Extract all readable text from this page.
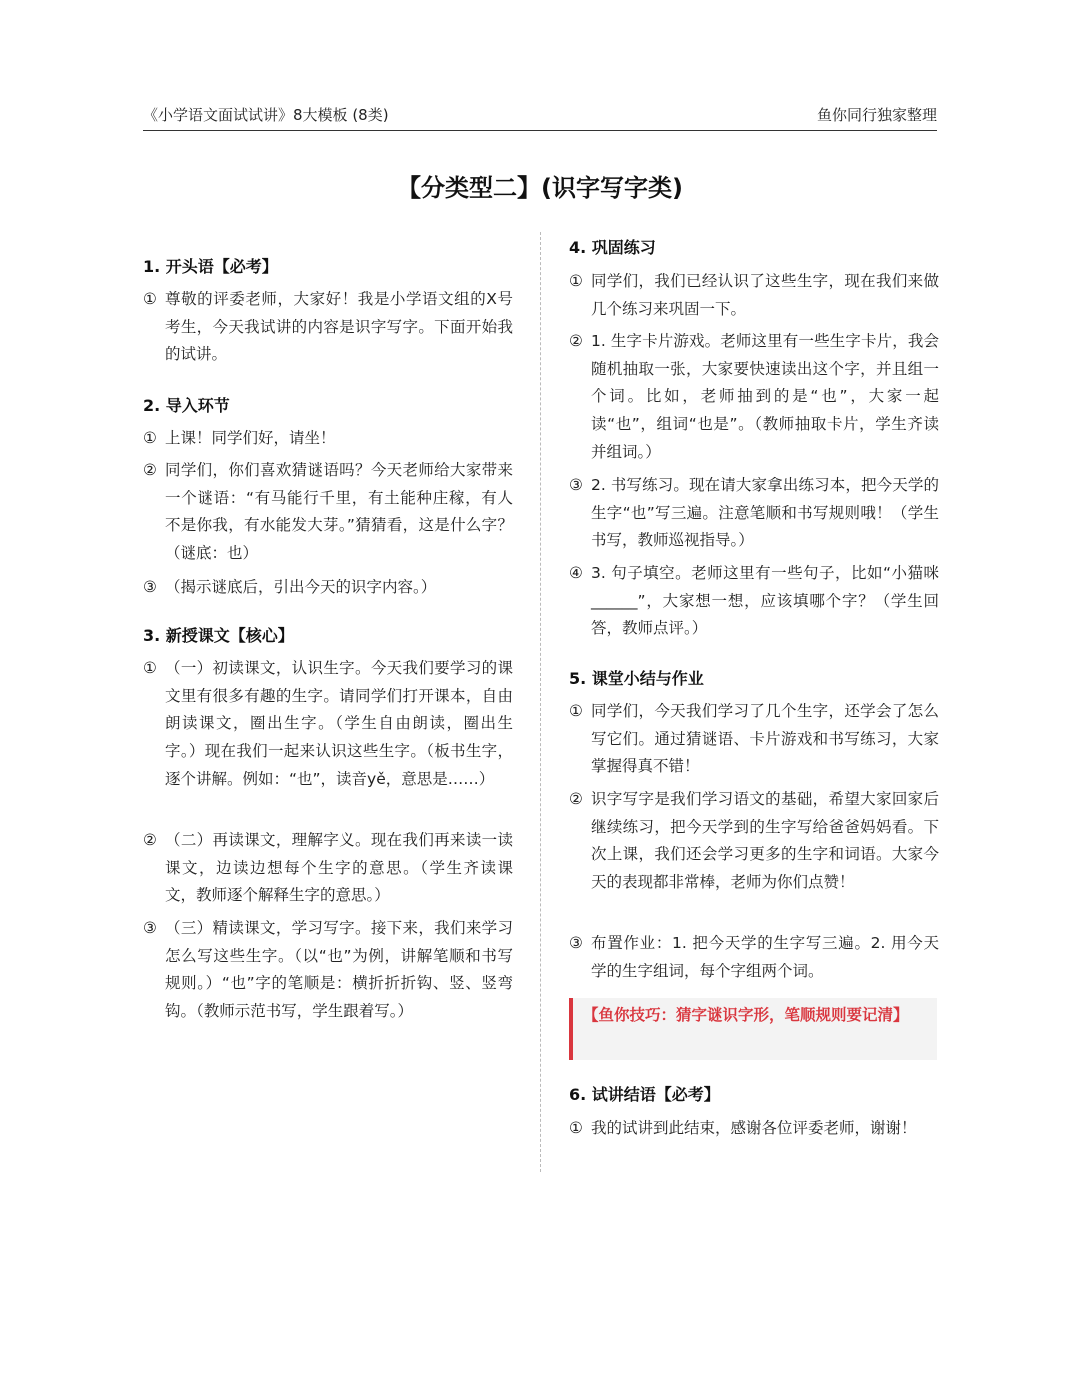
《小学语文面试试讲》8大模板 (8类)	鱼你同行独家整理
【分类型二】(识字写字类)
1. 开头语【必考】
① 尊敬的评委老师，大家好！我是小学语文组的X号考生，今天我试讲的内容是识字写字。下面开始我的试讲。
2. 导入环节
① 上课！同学们好，请坐！
② 同学们，你们喜欢猜谜语吗？今天老师给大家带来一个谜语：“有马能行千里，有土能种庄稼，有人不是你我，有水能发大芽。”猜猜看，这是什么字？（谜底：也）
③ （揭示谜底后，引出今天的识字内容。）
3. 新授课文【核心】
① （一）初读课文，认识生字。今天我们要学习的课文里有很多有趣的生字。请同学们打开课本，自由朗读课文，圈出生字。（学生自由朗读，圈出生字。）现在我们一起来认识这些生字。（板书生字，逐个讲解。例如：“也”，读音yě，意思是……）
② （二）再读课文，理解字义。现在我们再来读一读课文，边读边想每个生字的意思。（学生齐读课文，教师逐个解释生字的意思。）
③ （三）精读课文，学习写字。接下来，我们来学习怎么写这些生字。（以“也”为例，讲解笔顺和书写规则。）“也”字的笔顺是：横折折折钩、竖、竖弯钩。（教师示范书写，学生跟着写。）
4. 巩固练习
① 同学们，我们已经认识了这些生字，现在我们来做几个练习来巩固一下。
② 1. 生字卡片游戏。老师这里有一些生字卡片，我会随机抽取一张，大家要快速读出这个字，并且组一个词。比如，老师抽到的是“也”，大家一起读“也”，组词“也是”。（教师抽取卡片，学生齐读并组词。）
③ 2. 书写练习。现在请大家拿出练习本，把今天学的生字“也”写三遍。注意笔顺和书写规则哦！（学生书写，教师巡视指导。）
④ 3. 句子填空。老师这里有一些句子，比如“小猫咪______”，大家想一想，应该填哪个字？（学生回答，教师点评。）
5. 课堂小结与作业
① 同学们，今天我们学习了几个生字，还学会了怎么写它们。通过猜谜语、卡片游戏和书写练习，大家掌握得真不错！
② 识字写字是我们学习语文的基础，希望大家回家后继续练习，把今天学到的生字写给爸爸妈妈看。下次上课，我们还会学习更多的生字和词语。大家今天的表现都非常棒，老师为你们点赞！
③ 布置作业：1. 把今天学的生字写三遍。2. 用今天学的生字组词，每个字组两个词。
【鱼你技巧：猜字谜识字形，笔顺规则要记清】
6. 试讲结语【必考】
① 我的试讲到此结束，感谢各位评委老师，谢谢！
